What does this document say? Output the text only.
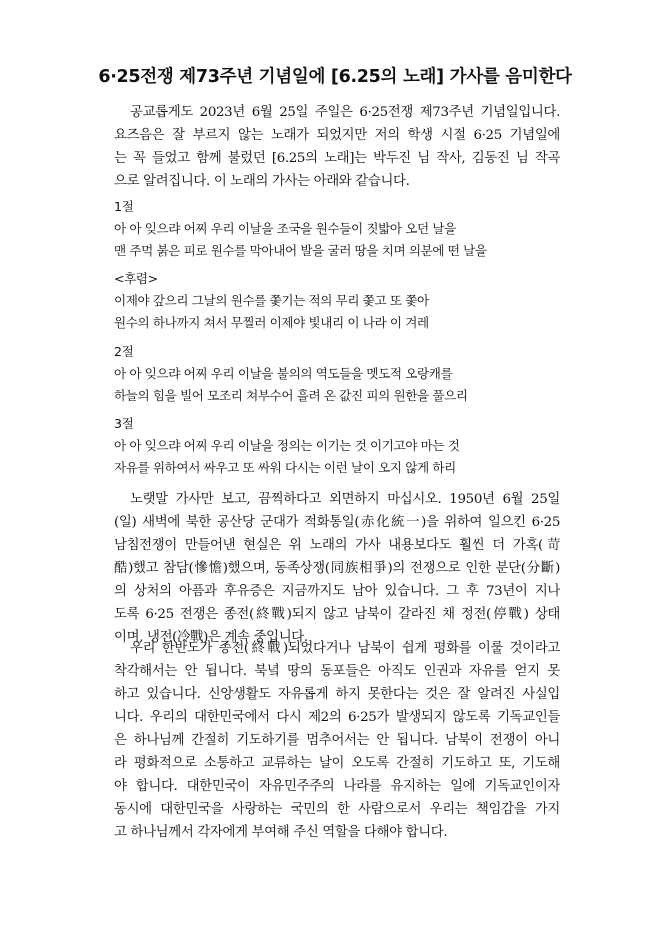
6·25전쟁 제73주년 기념일에 [6.25의 노래] 가사를 음미한다
공교롭게도 2023년 6월 25일 주일은 6·25전쟁 제73주년 기념일입니다.
요즈음은 잘 부르지 않는 노래가 되었지만 저의 학생 시절 6·25 기념일에
는 꼭 들었고 함께 불렀던 [6.25의 노래]는 박두진 님 작사, 김동진 님 작곡
으로 알려집니다. 이 노래의 가사는 아래와 같습니다.
1절
아 아 잊으랴 어찌 우리 이날을 조국을 원수들이 짓밟아 오던 날을
맨 주먹 붉은 피로 원수를 막아내어 발을 굴러 땅을 치며 의분에 떤 날을
<후렴>
이제야 갚으리 그날의 원수를 쫓기는 적의 무리 쫓고 또 쫓아
원수의 하나까지 쳐서 무찔러 이제야 빛내리 이 나라 이 겨레
2절
아 아 잊으랴 어찌 우리 이날을 불의의 역도들을 멧도적 오랑캐를
하늘의 힘을 빌어 모조리 쳐부수어 흘려 온 값진 피의 원한을 풀으리
3절
아 아 잊으랴 어찌 우리 이날을 정의는 이기는 것 이기고야 마는 것
자유를 위하여서 싸우고 또 싸워 다시는 이런 날이 오지 않게 하리
노랫말 가사만 보고, 끔찍하다고 외면하지 마십시오. 1950년 6월 25일
(일) 새벽에 북한 공산당 군대가 적화통일(赤化統一)을 위하여 일으킨 6·25
남침전쟁이 만들어낸 현실은 위 노래의 가사 내용보다도 훨씬 더 가혹(苛
酷)했고 참담(慘憺)했으며, 동족상쟁(同族相爭)의 전쟁으로 인한 분단(分斷)
의 상처의 아픔과 후유증은 지금까지도 남아 있습니다. 그 후 73년이 지나
도록 6·25 전쟁은 종전(終戰)되지 않고 남북이 갈라진 채 정전(停戰) 상태
이며, 냉전(冷戰)은 계속 중입니다.
우리 한반도가 종전(終戰)되었다거나 남북이 쉽게 평화를 이룰 것이라고
착각해서는 안 됩니다. 북녘 땅의 동포들은 아직도 인권과 자유를 얻지 못
하고 있습니다. 신앙생활도 자유롭게 하지 못한다는 것은 잘 알려진 사실입
니다. 우리의 대한민국에서 다시 제2의 6·25가 발생되지 않도록 기독교인들
은 하나님께 간절히 기도하기를 멈추어서는 안 됩니다. 남북이 전쟁이 아니
라 평화적으로 소통하고 교류하는 날이 오도록 간절히 기도하고 또, 기도해
야 합니다. 대한민국이 자유민주주의 나라를 유지하는 일에 기독교인이자
동시에 대한민국을 사랑하는 국민의 한 사람으로서 우리는 책임감을 가지
고 하나님께서 각자에게 부여해 주신 역할을 다해야 합니다.
